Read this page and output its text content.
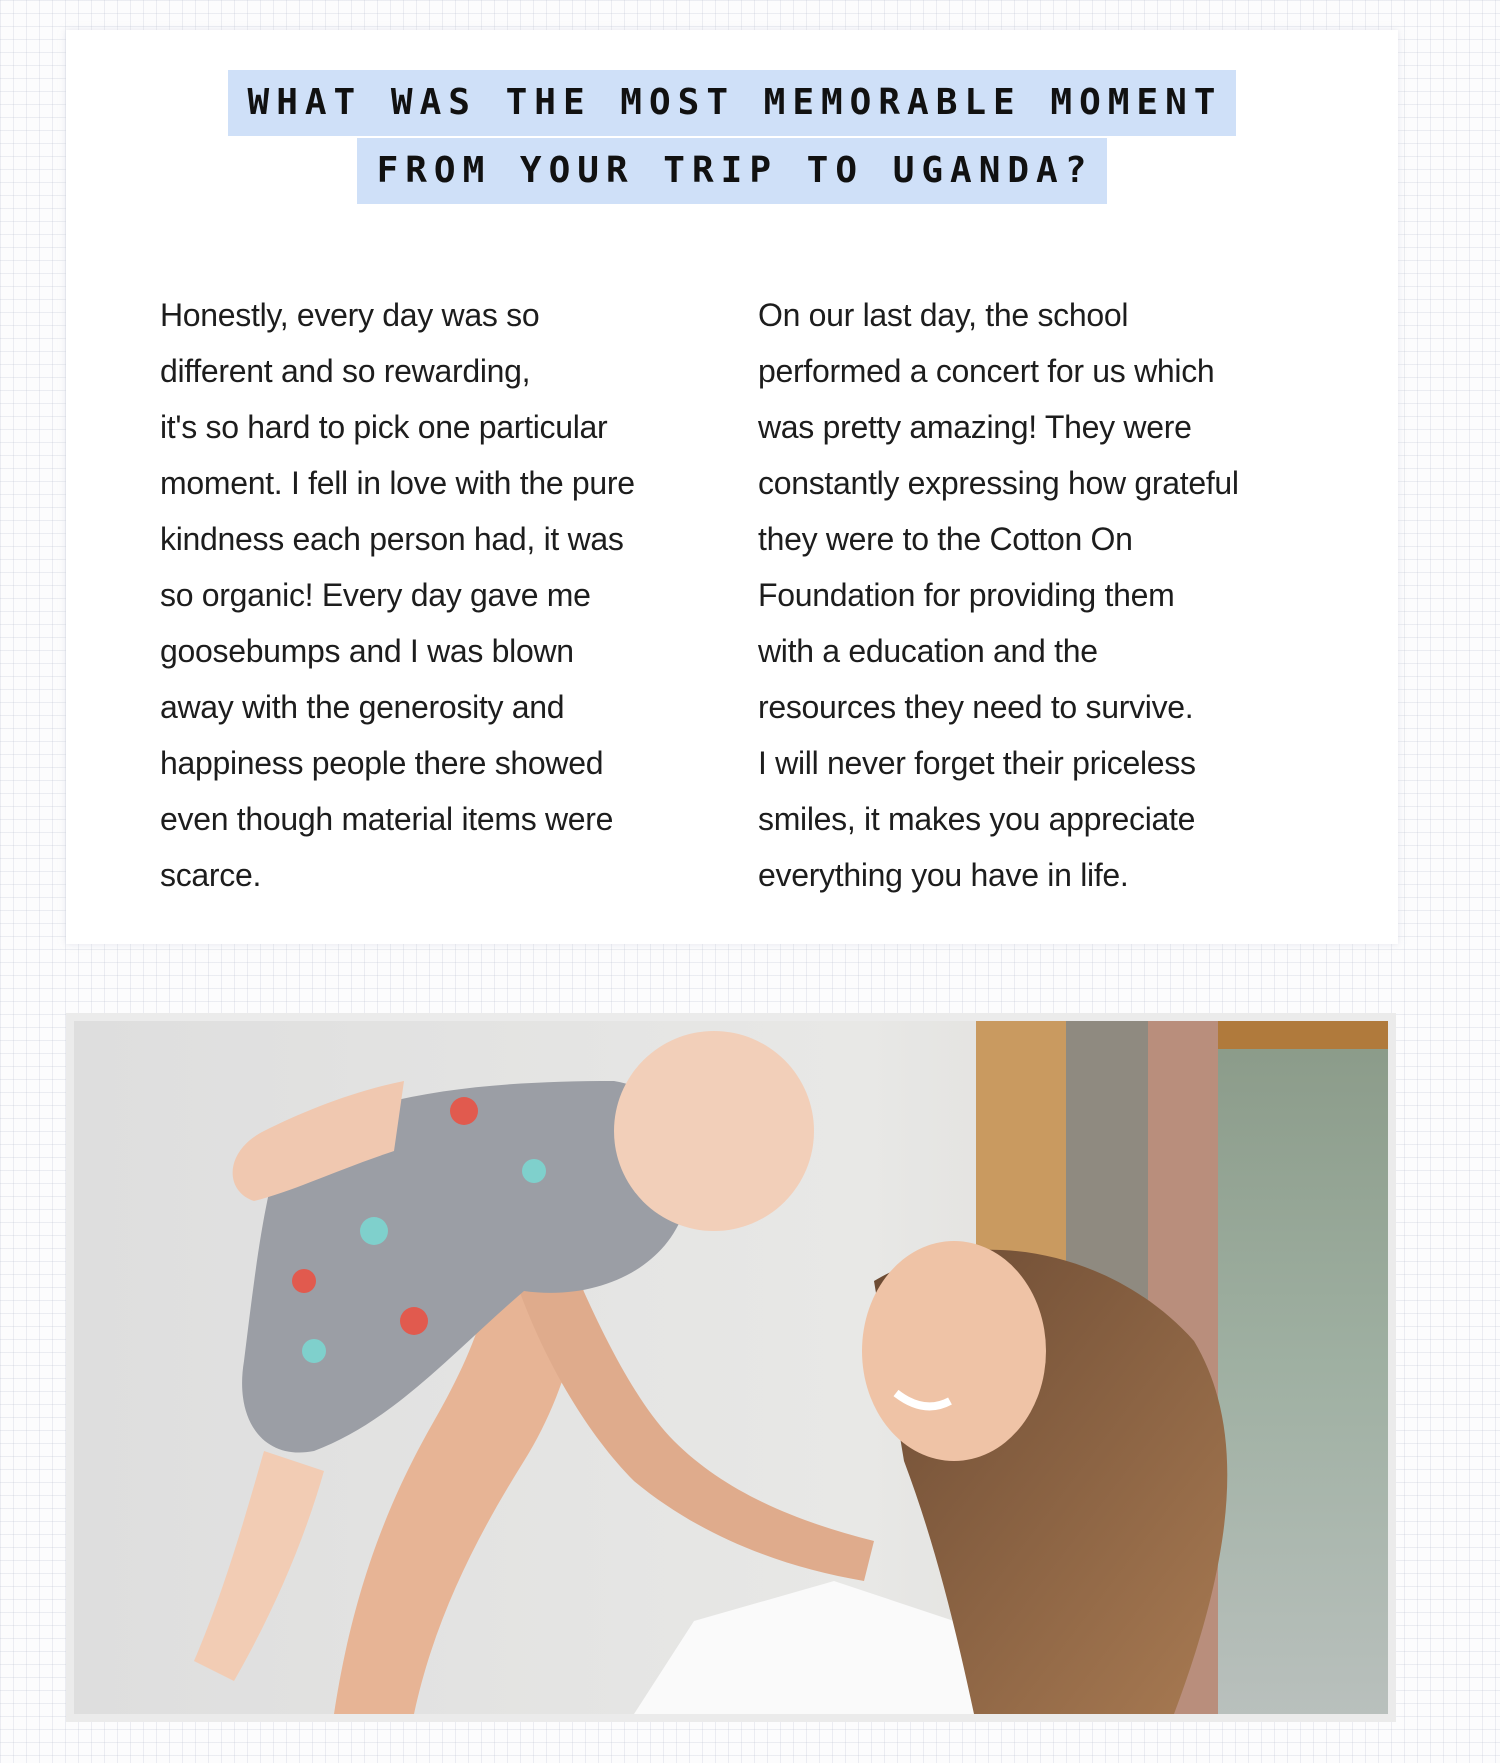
WHAT WAS THE MOST MEMORABLE MOMENT
FROM YOUR TRIP TO UGANDA?
Honestly, every day was so
different and so rewarding,
it's so hard to pick one particular
moment. I fell in love with the pure
kindness each person had, it was
so organic! Every day gave me
goosebumps and I was blown
away with the generosity and
happiness people there showed
even though material items were
scarce.
On our last day, the school
performed a concert for us which
was pretty amazing! They were
constantly expressing how grateful
they were to the Cotton On
Foundation for providing them
with a education and the
resources they need to survive.
I will never forget their priceless
smiles, it makes you appreciate
everything you have in life.
